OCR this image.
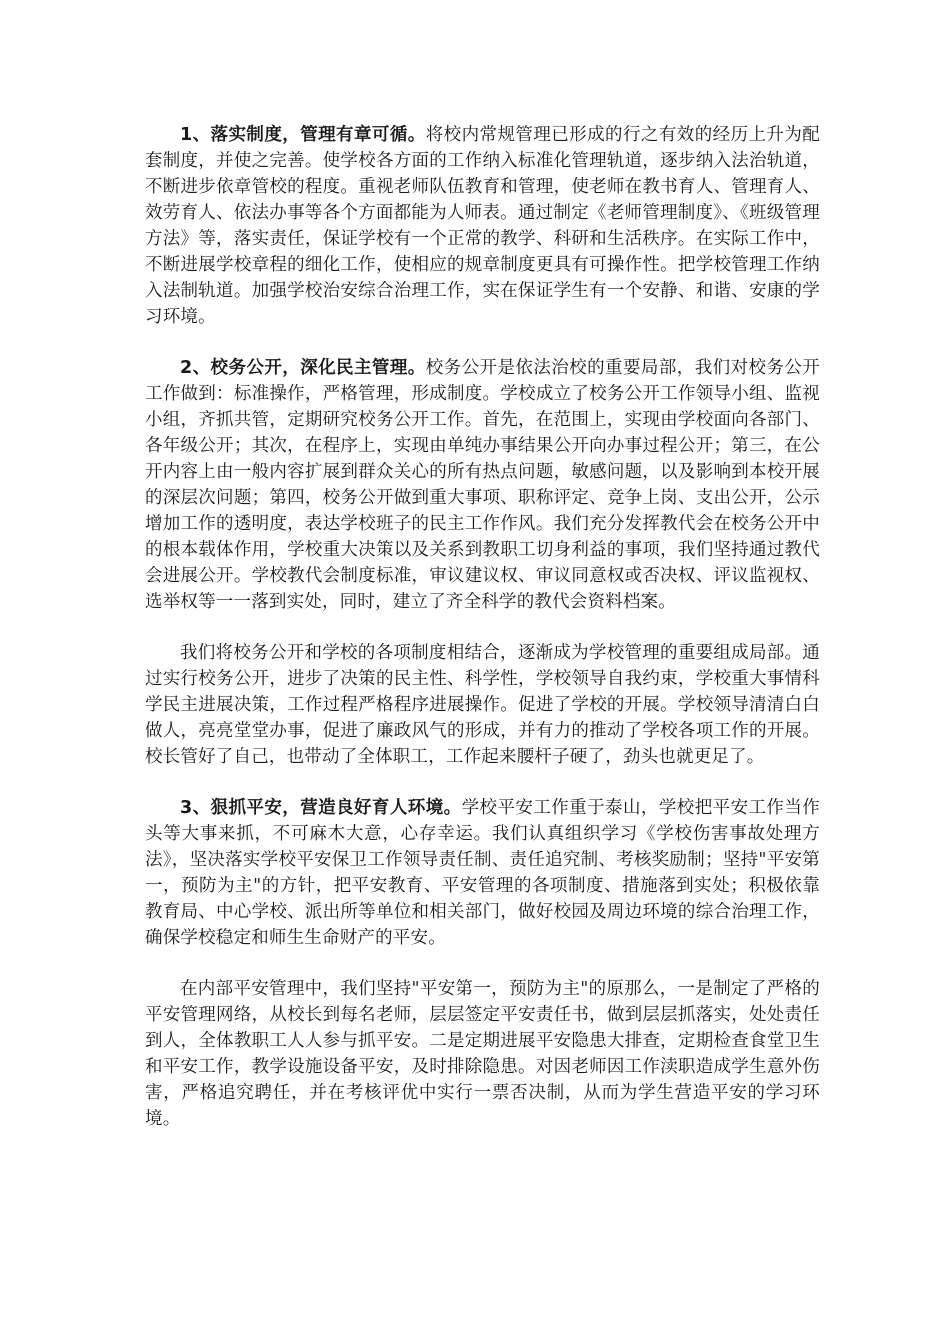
1、落实制度，管理有章可循。将校内常规管理已形成的行之有效的经历上升为配套制度，并使之完善。使学校各方面的工作纳入标准化管理轨道，逐步纳入法治轨道，不断进步依章管校的程度。重视老师队伍教育和管理，使老师在教书育人、管理育人、效劳育人、依法办事等各个方面都能为人师表。通过制定《老师管理制度》、《班级管理方法》等，落实责任，保证学校有一个正常的教学、科研和生活秩序。在实际工作中，不断进展学校章程的细化工作，使相应的规章制度更具有可操作性。把学校管理工作纳入法制轨道。加强学校治安综合治理工作，实在保证学生有一个安静、和谐、安康的学习环境。

2、校务公开，深化民主管理。校务公开是依法治校的重要局部，我们对校务公开工作做到：标准操作，严格管理，形成制度。学校成立了校务公开工作领导小组、监视小组，齐抓共管，定期研究校务公开工作。首先，在范围上，实现由学校面向各部门、各年级公开；其次，在程序上，实现由单纯办事结果公开向办事过程公开；第三，在公开内容上由一般内容扩展到群众关心的所有热点问题，敏感问题，以及影响到本校开展的深层次问题；第四，校务公开做到重大事项、职称评定、竞争上岗、支出公开，公示增加工作的透明度，表达学校班子的民主工作作风。我们充分发挥教代会在校务公开中的根本载体作用，学校重大决策以及关系到教职工切身利益的事项，我们坚持通过教代会进展公开。学校教代会制度标准，审议建议权、审议同意权或否决权、评议监视权、选举权等一一落到实处，同时，建立了齐全科学的教代会资料档案。

我们将校务公开和学校的各项制度相结合，逐渐成为学校管理的重要组成局部。通过实行校务公开，进步了决策的民主性、科学性，学校领导自我约束，学校重大事情科学民主进展决策，工作过程严格程序进展操作。促进了学校的开展。学校领导清清白白做人，亮亮堂堂办事，促进了廉政风气的形成，并有力的推动了学校各项工作的开展。校长管好了自己，也带动了全体职工，工作起来腰杆子硬了，劲头也就更足了。

3、狠抓平安，营造良好育人环境。学校平安工作重于泰山，学校把平安工作当作头等大事来抓，不可麻木大意，心存幸运。我们认真组织学习《学校伤害事故处理方法》，坚决落实学校平安保卫工作领导责任制、责任追究制、考核奖励制；坚持"平安第一，预防为主"的方针，把平安教育、平安管理的各项制度、措施落到实处；积极依靠教育局、中心学校、派出所等单位和相关部门，做好校园及周边环境的综合治理工作，确保学校稳定和师生生命财产的平安。

在内部平安管理中，我们坚持"平安第一，预防为主"的原那么，一是制定了严格的平安管理网络，从校长到每名老师，层层签定平安责任书，做到层层抓落实，处处责任到人，全体教职工人人参与抓平安。二是定期进展平安隐患大排查，定期检查食堂卫生和平安工作，教学设施设备平安，及时排除隐患。对因老师因工作渎职造成学生意外伤害，严格追究聘任，并在考核评优中实行一票否决制，从而为学生营造平安的学习环境。
